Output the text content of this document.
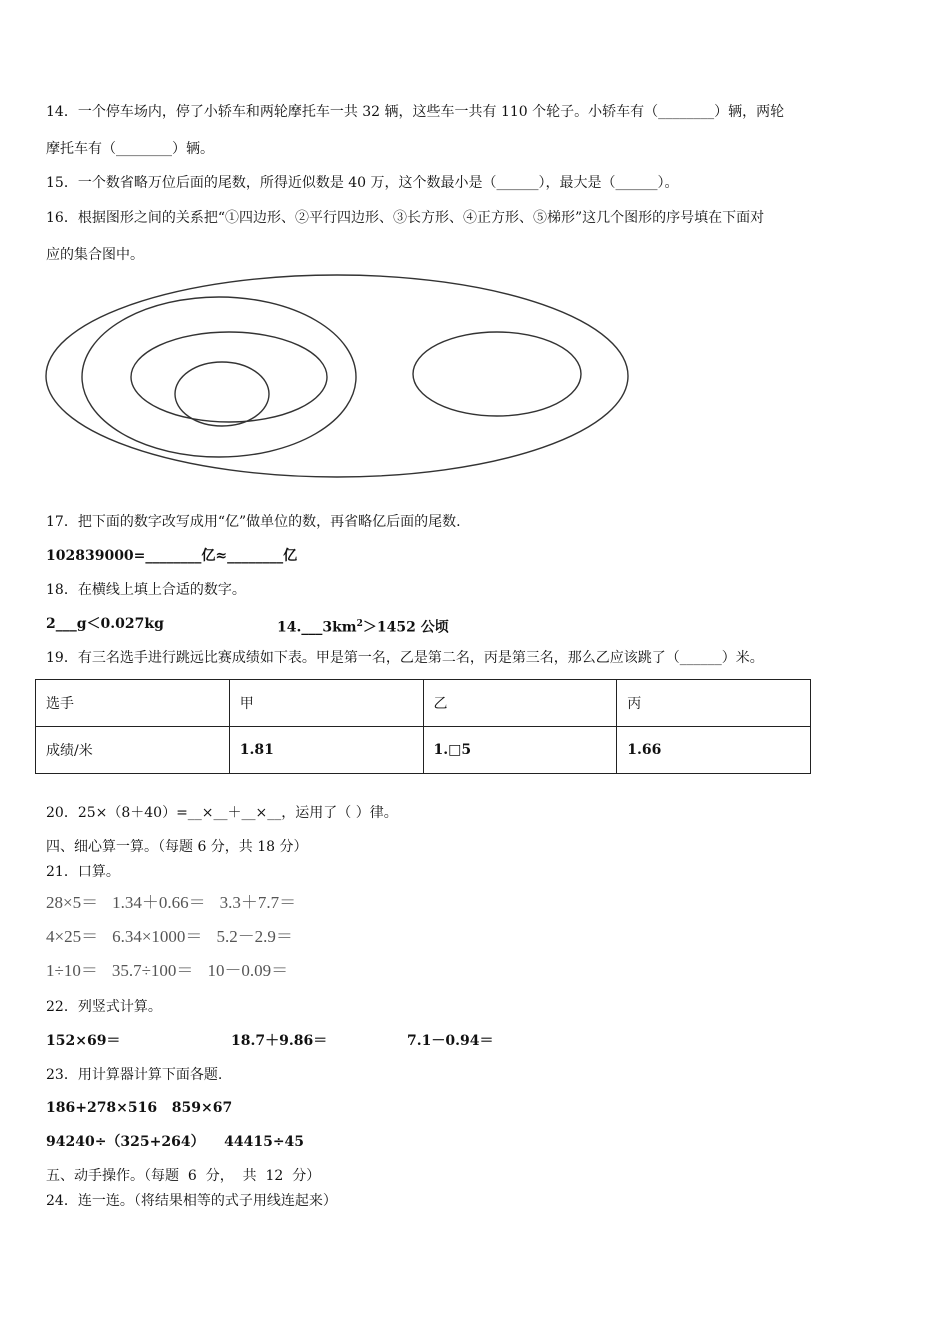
14．一个停车场内，停了小轿车和两轮摩托车一共 32 辆，这些车一共有 110 个轮子。小轿车有（________）辆，两轮
摩托车有（________）辆。
15．一个数省略万位后面的尾数，所得近似数是 40 万，这个数最小是（______），最大是（______）。
16．根据图形之间的关系把“①四边形、②平行四边形、③长方形、④正方形、⑤梯形”这几个图形的序号填在下面对
应的集合图中。
17．把下面的数字改写成用“亿”做单位的数，再省略亿后面的尾数.
102839000=________亿≈________亿
18．在横线上填上合适的数字。
2___g＜0.027kg	$14.\_\_\_3km^2>1452$ 公顷
19．有三名选手进行跳远比赛成绩如下表。甲是第一名，乙是第二名，丙是第三名，那么乙应该跳了（______）米。
选手	甲	乙	丙
成绩/米	1.81	1.□5	1.66
20．25×（8＋40）=__×__＋__×__，运用了（ ）律。
四、细心算一算。（每题 6 分，共 18 分）
21．口算。
28×5＝ 1.34＋0.66＝ 3.3＋7.7＝
4×25＝ 6.34×1000＝ 5.2－2.9＝
1÷10＝ 35.7÷100＝ 10－0.09＝
22．列竖式计算。
152×69＝	18.7＋9.86＝	7.1－0.94＝
23．用计算器计算下面各题.
186+278×516   859×67
94240÷（325+264）    44415÷45
五、动手操作。（每题  6  分，  共  12  分）
24．连一连。（将结果相等的式子用线连起来）
